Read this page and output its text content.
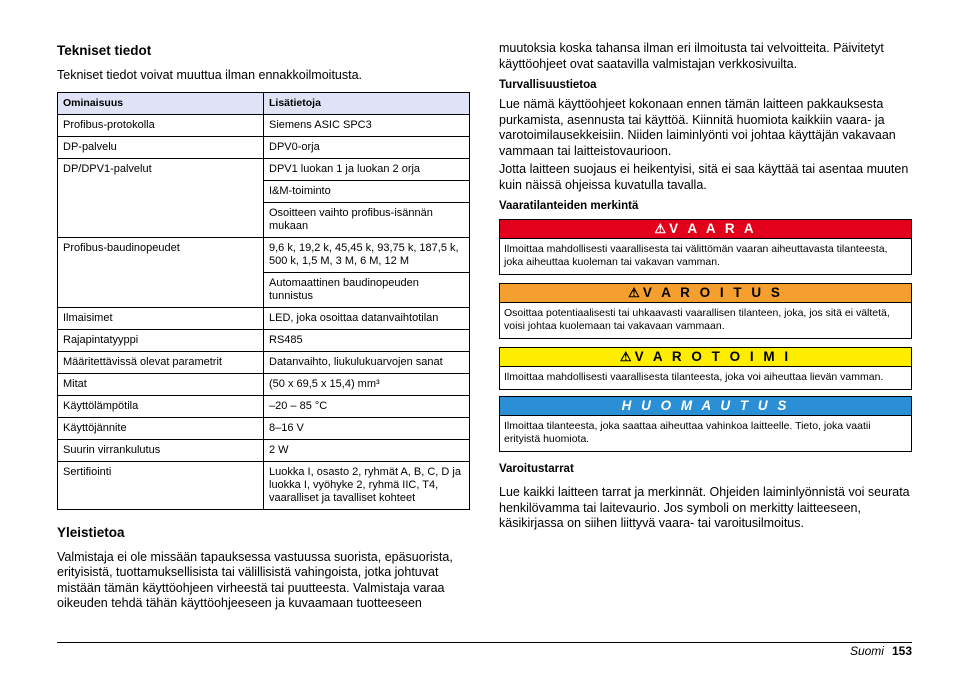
Tekniset tiedot

Tekniset tiedot voivat muuttua ilman ennakkoilmoitusta.

Ominaisuus	Lisätietoja
Profibus-protokolla	Siemens ASIC SPC3
DP-palvelu	DPV0-orja
DP/DPV1-palvelut	DPV1 luokan 1 ja luokan 2 orja
	I&M-toiminto
	Osoitteen vaihto profibus-isännän mukaan
Profibus-baudinopeudet	9,6 k, 19,2 k, 45,45 k, 93,75 k, 187,5 k, 500 k, 1,5 M, 3 M, 6 M, 12 M
	Automaattinen baudinopeuden tunnistus
Ilmaisimet	LED, joka osoittaa datanvaihtotilan
Rajapintatyyppi	RS485
Määritettävissä olevat parametrit	Datanvaihto, liukulukuarvojen sanat
Mitat	(50 x 69,5 x 15,4) mm³
Käyttölämpötila	–20 – 85 °C
Käyttöjännite	8–16 V
Suurin virrankulutus	2 W
Sertifiointi	Luokka I, osasto 2, ryhmät A, B, C, D ja luokka I, vyöhyke 2, ryhmä IIC, T4, vaaralliset ja tavalliset kohteet
Yleistietoa

Valmistaja ei ole missään tapauksessa vastuussa suorista, epäsuorista, erityisistä, tuottamuksellisista tai välillisistä vahingoista, jotka johtuvat mistään tämän käyttöohjeen virheestä tai puutteesta. Valmistaja varaa oikeuden tehdä tähän käyttöohjeeseen ja kuvaamaan tuotteeseen

muutoksia koska tahansa ilman eri ilmoitusta tai velvoitteita. Päivitetyt käyttöohjeet ovat saatavilla valmistajan verkkosivuilta.

Turvallisuustietoa

Lue nämä käyttöohjeet kokonaan ennen tämän laitteen pakkauksesta purkamista, asennusta tai käyttöä. Kiinnitä huomiota kaikkiin vaara- ja varotoimilausekkeisiin. Niiden laiminlyönti voi johtaa käyttäjän vakavaan vammaan tai laitteistovaurioon.

Jotta laitteen suojaus ei heikentyisi, sitä ei saa käyttää tai asentaa muuten kuin näissä ohjeissa kuvatulla tavalla.

Vaaratilanteiden merkintä
⚠ V A A R A
Ilmoittaa mahdollisesti vaarallisesta tai välittömän vaaran aiheuttavasta tilanteesta, joka aiheuttaa kuoleman tai vakavan vamman.
⚠ V A R O I T U S
Osoittaa potentiaalisesti tai uhkaavasti vaarallisen tilanteen, joka, jos sitä ei vältetä, voisi johtaa kuolemaan tai vakavaan vammaan.
⚠ V A R O T O I M I
Ilmoittaa mahdollisesti vaarallisesta tilanteesta, joka voi aiheuttaa lievän vamman.
H U O M A U T U S
Ilmoittaa tilanteesta, joka saattaa aiheuttaa vahinkoa laitteelle. Tieto, joka vaatii erityistä huomiota.
Varoitustarrat

Lue kaikki laitteen tarrat ja merkinnät. Ohjeiden laiminlyönnistä voi seurata henkilövamma tai laitevaurio. Jos symboli on merkitty laitteeseen, käsikirjassa on siihen liittyvä vaara- tai varoitusilmoitus.

Suomi 153
